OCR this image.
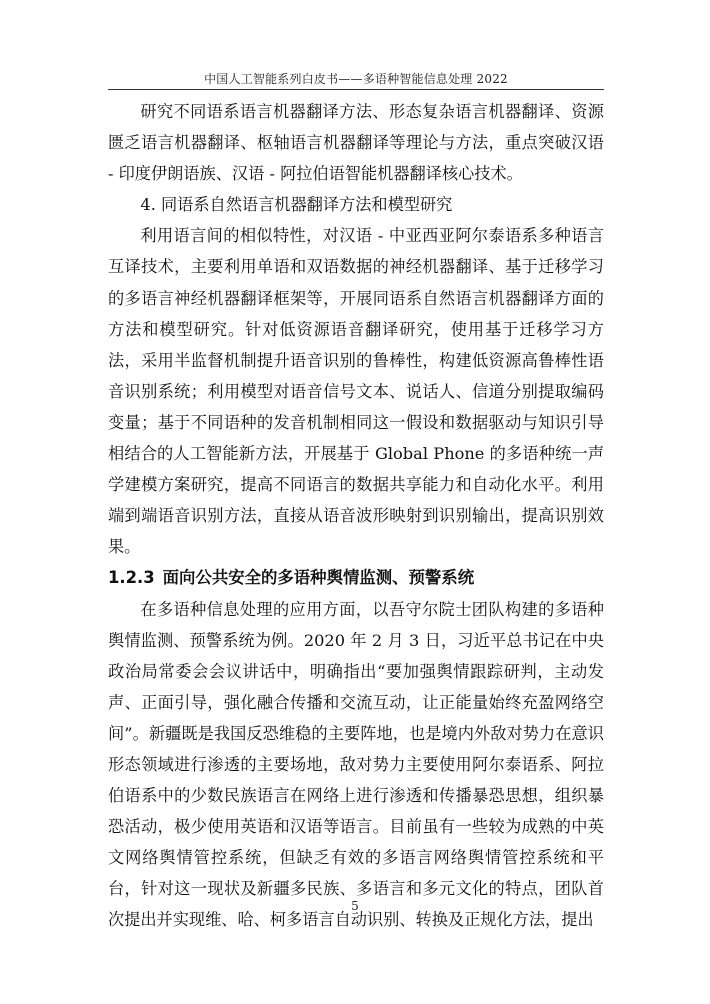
中国人工智能系列白皮书——多语种智能信息处理 2022

研究不同语系语言机器翻译方法、形态复杂语言机器翻译、资源匮乏语言机器翻译、枢轴语言机器翻译等理论与方法，重点突破汉语 - 印度伊朗语族、汉语 - 阿拉伯语智能机器翻译核心技术。

4. 同语系自然语言机器翻译方法和模型研究

利用语言间的相似特性，对汉语 - 中亚西亚阿尔泰语系多种语言互译技术，主要利用单语和双语数据的神经机器翻译、基于迁移学习的多语言神经机器翻译框架等，开展同语系自然语言机器翻译方面的方法和模型研究。针对低资源语音翻译研究，使用基于迁移学习方法，采用半监督机制提升语音识别的鲁棒性，构建低资源高鲁棒性语音识别系统；利用模型对语音信号文本、说话人、信道分别提取编码变量；基于不同语种的发音机制相同这一假设和数据驱动与知识引导相结合的人工智能新方法，开展基于 Global Phone 的多语种统一声学建模方案研究，提高不同语言的数据共享能力和自动化水平。利用端到端语音识别方法，直接从语音波形映射到识别输出，提高识别效果。

1.2.3 面向公共安全的多语种舆情监测、预警系统

在多语种信息处理的应用方面，以吾守尔院士团队构建的多语种舆情监测、预警系统为例。2020 年 2 月 3 日，习近平总书记在中央政治局常委会会议讲话中，明确指出“要加强舆情跟踪研判，主动发声、正面引导，强化融合传播和交流互动，让正能量始终充盈网络空间”。新疆既是我国反恐维稳的主要阵地，也是境内外敌对势力在意识形态领域进行渗透的主要场地，敌对势力主要使用阿尔泰语系、阿拉伯语系中的少数民族语言在网络上进行渗透和传播暴恐思想，组织暴恐活动，极少使用英语和汉语等语言。目前虽有一些较为成熟的中英文网络舆情管控系统，但缺乏有效的多语言网络舆情管控系统和平台，针对这一现状及新疆多民族、多语言和多元文化的特点，团队首次提出并实现维、哈、柯多语言自动识别、转换及正规化方法，提出

5
